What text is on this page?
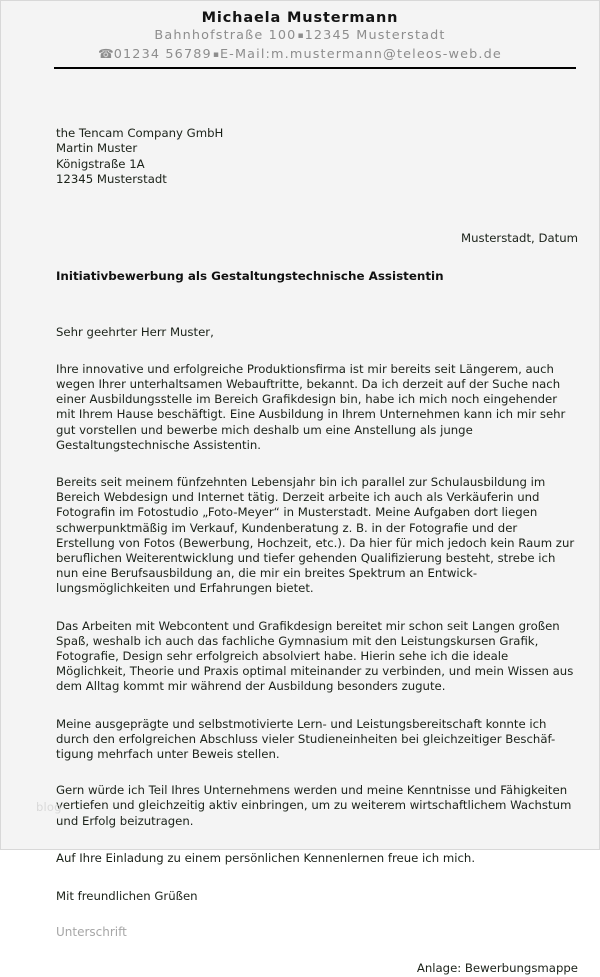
Michaela Mustermann
Bahnhofstraße 100▪12345 Musterstadt
☎01234 56789▪E-Mail:m.mustermann@teleos-web.de
the Tencam Company GmbH
Martin Muster
Königstraße 1A
12345 Musterstadt
Musterstadt, Datum
Initiativbewerbung als Gestaltungstechnische Assistentin
Sehr geehrter Herr Muster,
Ihre innovative und erfolgreiche Produktionsfirma ist mir bereits seit Längerem, auch wegen Ihrer unterhaltsamen Webauftritte, bekannt. Da ich derzeit auf der Suche nach einer Ausbildungsstelle im Bereich Grafikdesign bin, habe ich mich noch eingehender mit Ihrem Hause beschäftigt. Eine Ausbildung in Ihrem Unternehmen kann ich mir sehr gut vorstellen und bewerbe mich deshalb um eine Anstellung als junge Gestaltungstechnische Assistentin.
Bereits seit meinem fünfzehnten Lebensjahr bin ich parallel zur Schulausbildung im Bereich Webdesign und Internet tätig. Derzeit arbeite ich auch als Verkäuferin und Fotografin im Fotostudio „Foto-Meyer“ in Musterstadt. Meine Aufgaben dort liegen schwerpunktmäßig im Verkauf, Kundenberatung z. B. in der Fotografie und der Erstellung von Fotos (Bewerbung, Hochzeit, etc.). Da hier für mich jedoch kein Raum zur beruflichen Weiterentwicklung und tiefer gehenden Qualifizierung besteht, strebe ich nun eine Berufsausbildung an, die mir ein breites Spektrum an Entwick-lungsmöglichkeiten und Erfahrungen bietet.
Das Arbeiten mit Webcontent und Grafikdesign bereitet mir schon seit Langen großen Spaß, weshalb ich auch das fachliche Gymnasium mit den Leistungskursen Grafik, Fotografie, Design sehr erfolgreich absolviert habe. Hierin sehe ich die ideale Möglichkeit, Theorie und Praxis optimal miteinander zu verbinden, und mein Wissen aus dem Alltag kommt mir während der Ausbildung besonders zugute.
Meine ausgeprägte und selbstmotivierte Lern- und Leistungsbereitschaft konnte ich durch den erfolgreichen Abschluss vieler Studieneinheiten bei gleichzeitiger Beschäf-tigung mehrfach unter Beweis stellen.
Gern würde ich Teil Ihres Unternehmens werden und meine Kenntnisse und Fähigkeiten vertiefen und gleichzeitig aktiv einbringen, um zu weiterem wirtschaftlichem Wachstum und Erfolg beizutragen.
Auf Ihre Einladung zu einem persönlichen Kennenlernen freue ich mich.
Mit freundlichen Grüßen
Unterschrift
Anlage: Bewerbungsmappe
blog
